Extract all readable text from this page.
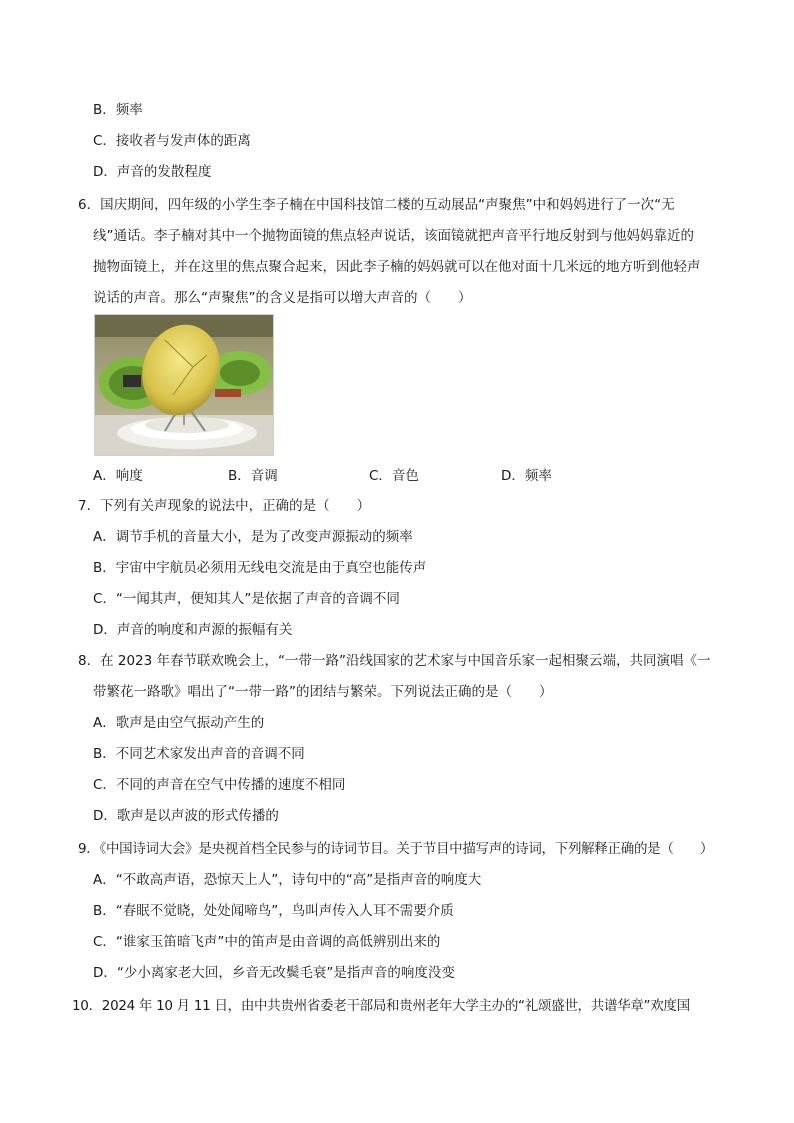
B．频率
C．接收者与发声体的距离
D．声音的发散程度
6．国庆期间，四年级的小学生李子楠在中国科技馆二楼的互动展品“声聚焦”中和妈妈进行了一次“无
线”通话。李子楠对其中一个抛物面镜的焦点轻声说话，该面镜就把声音平行地反射到与他妈妈靠近的
抛物面镜上，并在这里的焦点聚合起来，因此李子楠的妈妈就可以在他对面十几米远的地方听到他轻声
说话的声音。那么“声聚焦”的含义是指可以增大声音的（　　）
A．响度	B．音调	C．音色	D．频率
7．下列有关声现象的说法中，正确的是（　　）
A．调节手机的音量大小，是为了改变声源振动的频率
B．宇宙中宇航员必须用无线电交流是由于真空也能传声
C．“一闻其声，便知其人”是依据了声音的音调不同
D．声音的响度和声源的振幅有关
8．在 2023 年春节联欢晚会上，“一带一路”沿线国家的艺术家与中国音乐家一起相聚云端，共同演唱《一
带繁花一路歌》唱出了“一带一路”的团结与繁荣。下列说法正确的是（　　）
A．歌声是由空气振动产生的
B．不同艺术家发出声音的音调不同
C．不同的声音在空气中传播的速度不相同
D．歌声是以声波的形式传播的
9．《中国诗词大会》是央视首档全民参与的诗词节目。关于节目中描写声的诗词，下列解释正确的是（　　）
A．“不敢高声语，恐惊天上人”，诗句中的“高”是指声音的响度大
B．“春眠不觉晓，处处闻啼鸟”，鸟叫声传入人耳不需要介质
C．“谁家玉笛暗飞声”中的笛声是由音调的高低辨别出来的
D．“少小离家老大回，乡音无改鬓毛衰”是指声音的响度没变
10．2024 年 10 月 11 日，由中共贵州省委老干部局和贵州老年大学主办的“礼颂盛世，共谱华章”欢度国
